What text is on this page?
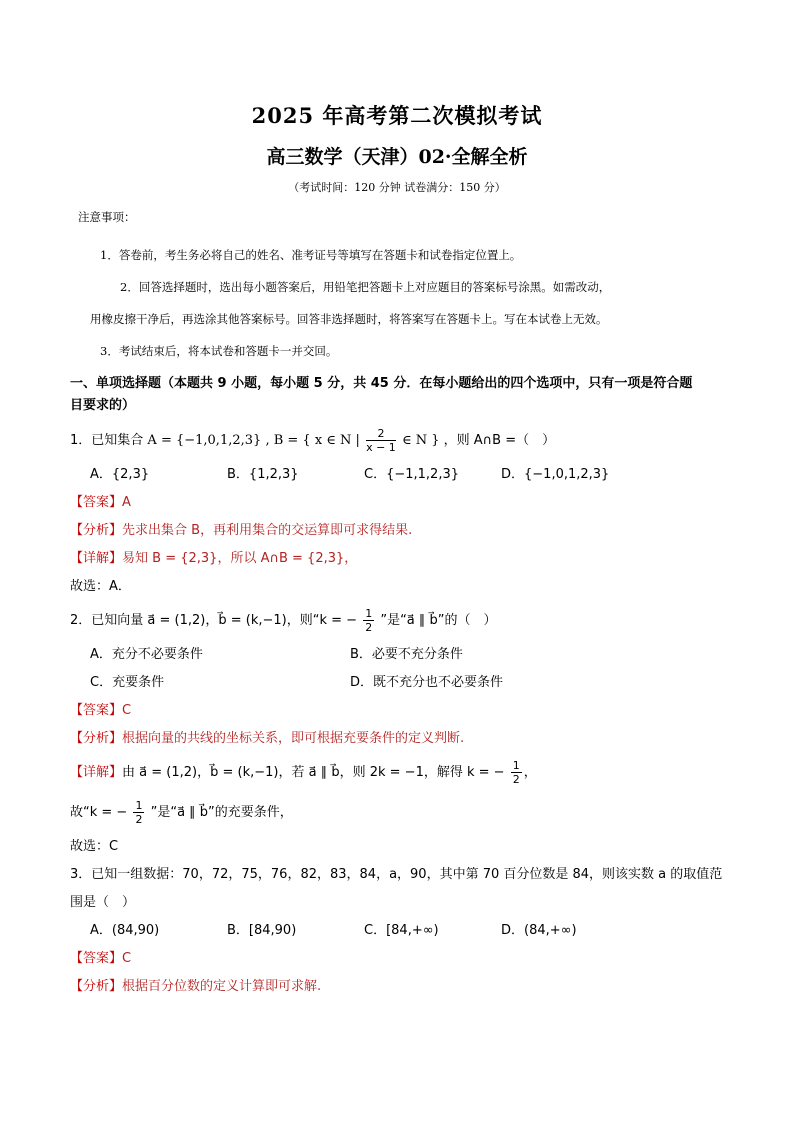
2025 年高考第二次模拟考试
高三数学（天津）02·全解全析
（考试时间：120 分钟 试卷满分：150 分）
注意事项：

1．答卷前，考生务必将自己的姓名、准考证号等填写在答题卡和试卷指定位置上。

2．回答选择题时，选出每小题答案后，用铅笔把答题卡上对应题目的答案标号涂黑。如需改动，

用橡皮擦干净后，再选涂其他答案标号。回答非选择题时，将答案写在答题卡上。写在本试卷上无效。

3．考试结束后，将本试卷和答题卡一并交回。

一、单项选择题（本题共 9 小题，每小题 5 分，共 45 分．在每小题给出的四个选项中，只有一项是符合题
目要求的）
1．已知集合 A = {−1,0,1,2,3} , B = { x ∈ N | $\frac{2}{x - 1}$ ∈ N } ，则 A∩B =（　）
A．{2,3}	B．{1,2,3}	C．{−1,1,2,3}	D．{−1,0,1,2,3}
【答案】A
【分析】先求出集合 B，再利用集合的交运算即可求得结果.
【详解】易知 B = {2,3}，所以 A∩B = {2,3}，
故选：A．
2．已知向量 a⃗ = (1,2)，b⃗ = (k,−1)，则“k = − $\frac{1}{2}$ ”是“a⃗ ∥ b⃗”的（　）
A．充分不必要条件	B．必要不充分条件
C．充要条件	D．既不充分也不必要条件
【答案】C
【分析】根据向量的共线的坐标关系，即可根据充要条件的定义判断.
【详解】由 a⃗ = (1,2)，b⃗ = (k,−1)，若 a⃗ ∥ b⃗，则 2k = −1，解得 k = − $\frac{1}{2}$ ，
故“k = − $\frac{1}{2}$ ”是“a⃗ ∥ b⃗”的充要条件，
故选：C
3．已知一组数据：70，72，75，76，82，83，84，a，90，其中第 70 百分位数是 84，则该实数 a 的取值范
围是（　）
A．(84,90)	B．[84,90)	C．[84,+∞)	D．(84,+∞)
【答案】C
【分析】根据百分位数的定义计算即可求解.
